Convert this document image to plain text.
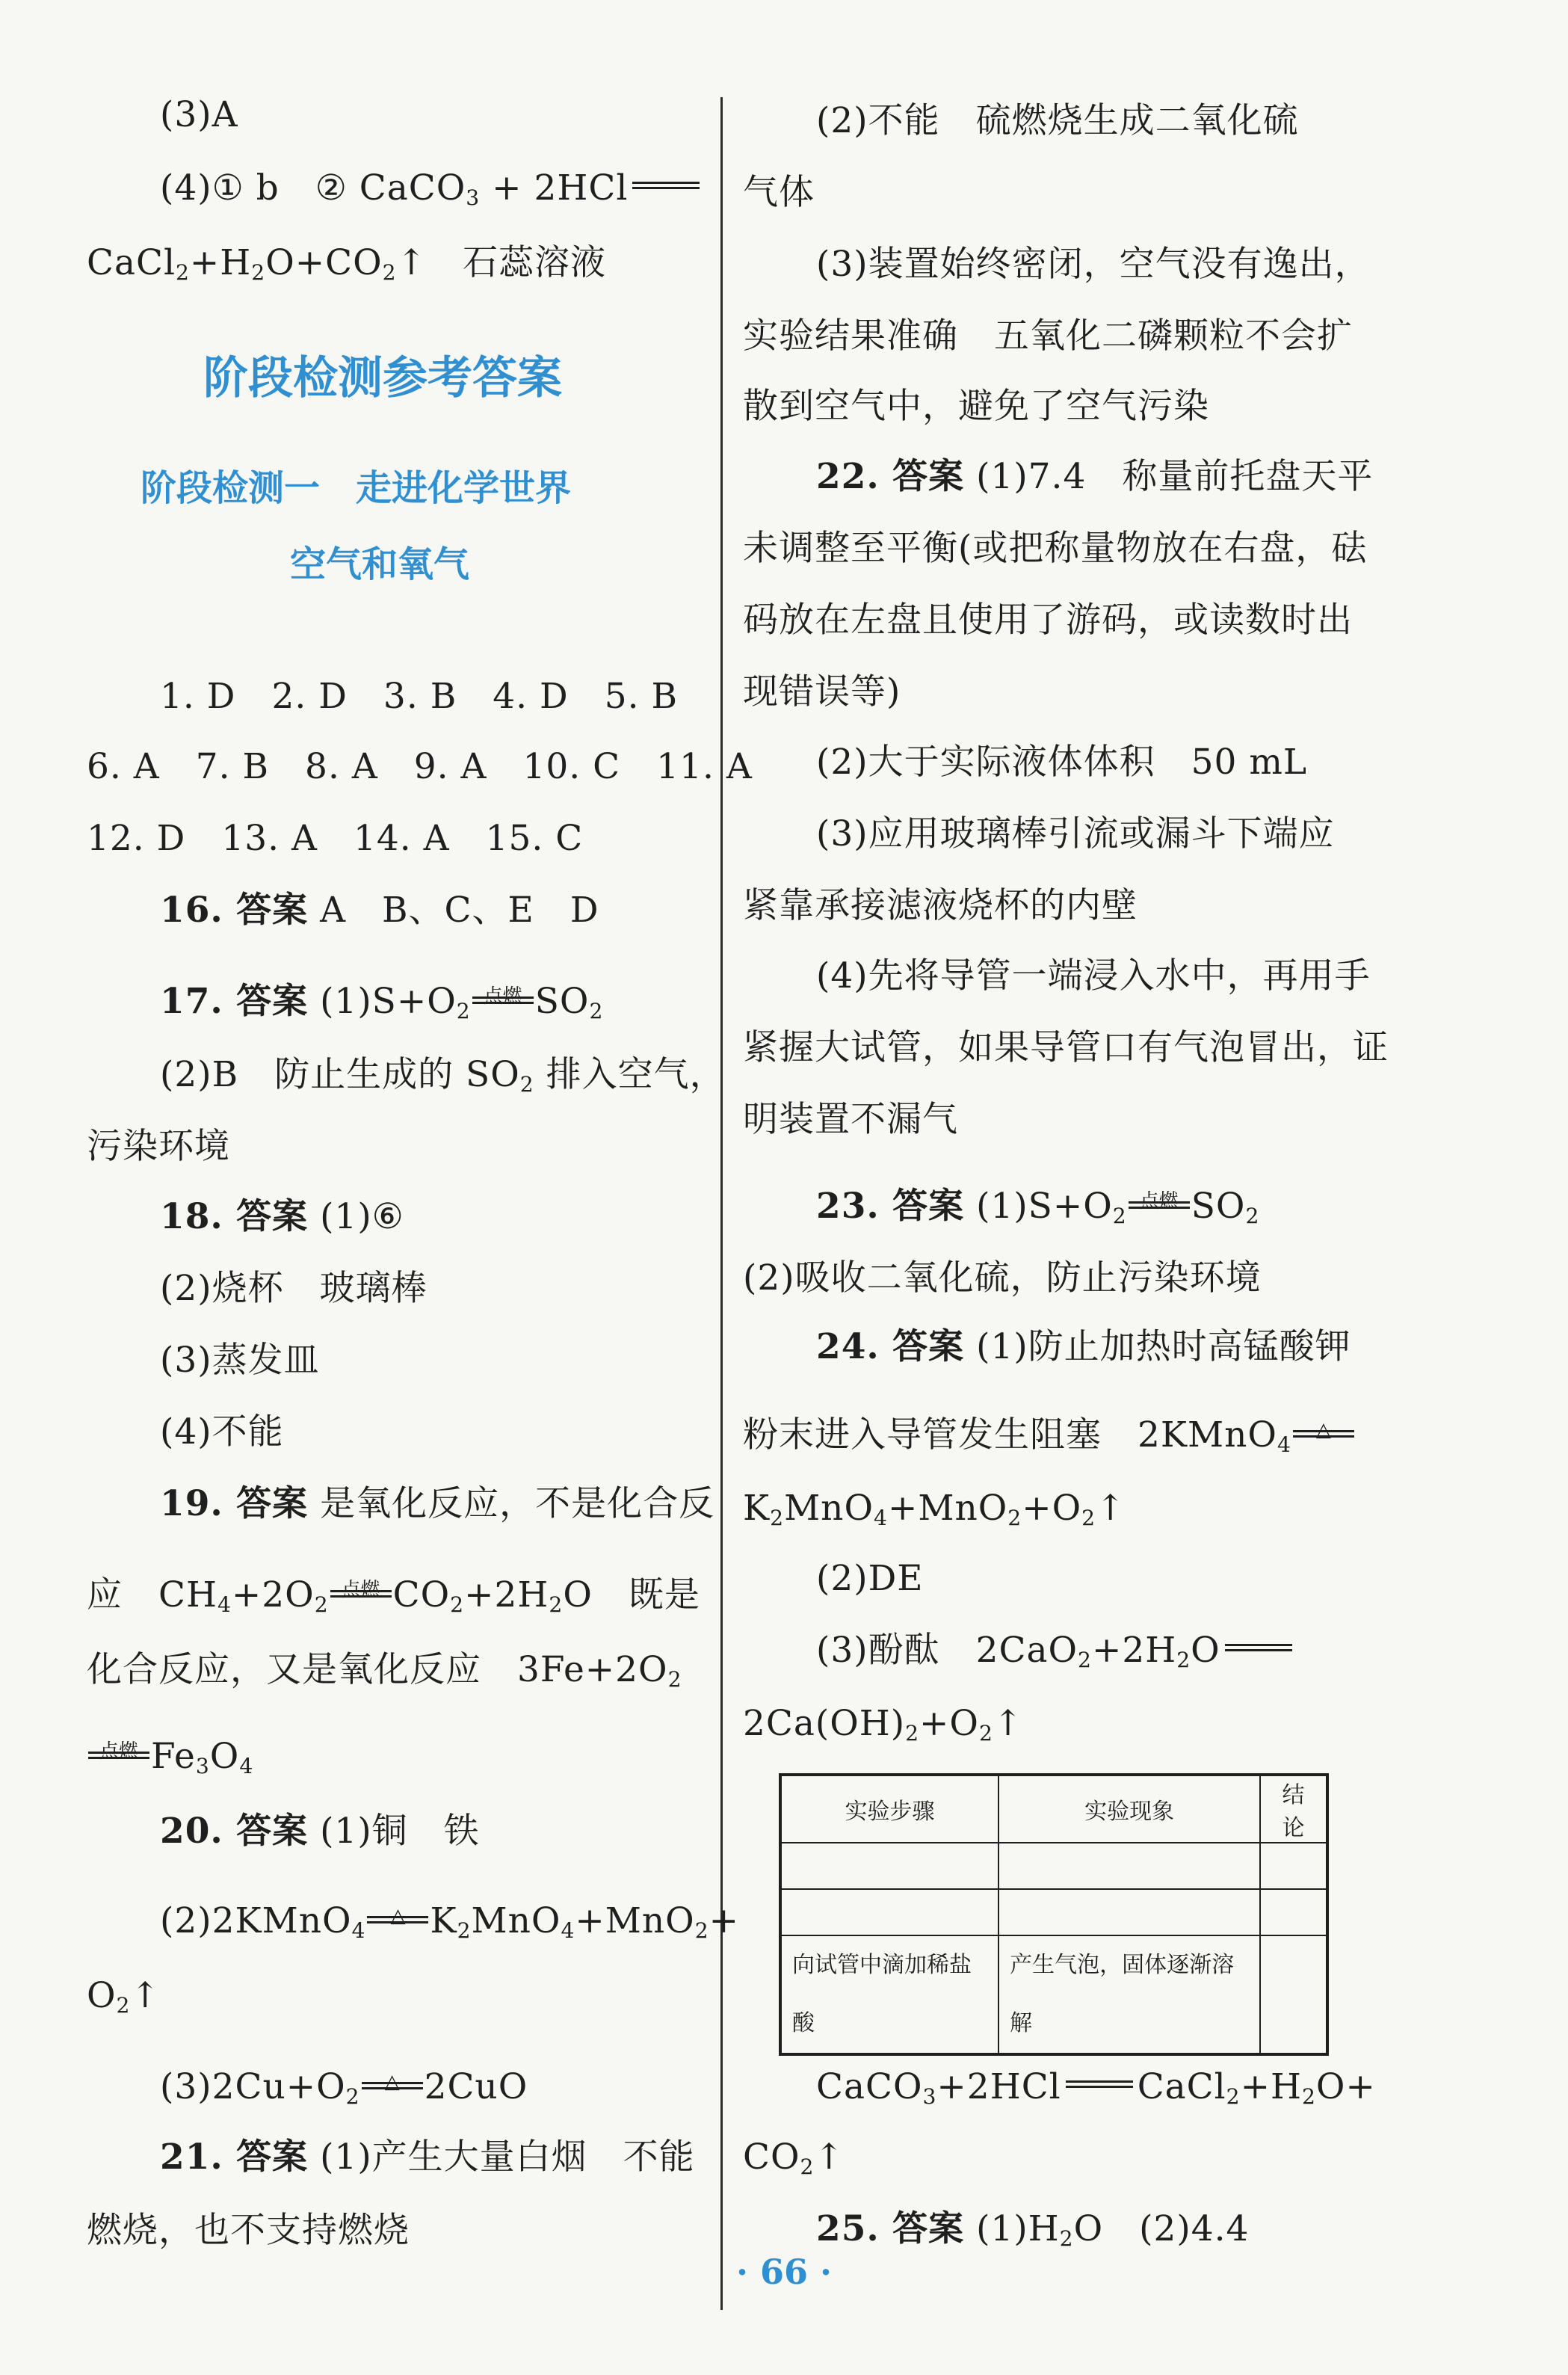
(3)A
(4)① b　② CaCO$_3$ + 2HCl
$CaCl_2+H_2O+CO_2↑$　石蕊溶液
阶段检测参考答案
阶段检测一　走进化学世界
空气和氧气
1. D　2. D　3. B　4. D　5. B
6. A　7. B　8. A　9. A　10. C　11. A
12. D　13. A　14. A　15. C
16. 答案 A　B、C、E　D
17. 答案 $(1)S+O_2$
点燃 $SO_2$
(2)B　防止生成的 $SO_2$ 排入空气，
污染环境
18. 答案 (1)⑥
(2)烧杯　玻璃棒
(3)蒸发皿
(4)不能
19. 答案 是氧化反应，不是化合反
应　$CH_4+2O_2$
点燃 $CO_2+2H_2O$　既是
化合反应，又是氧化反应　$3Fe+2O_2$
点燃 $Fe_3O_4$
20. 答案 (1)铜　铁
(2)2KMnO$_4$
△ $K_2MnO_4+MnO_2+$
$O_2↑$
$(3)2Cu+O_2$
△ 2CuO
21. 答案 (1)产生大量白烟　不能
燃烧，也不支持燃烧
(2)不能　硫燃烧生成二氧化硫
气体
(3)装置始终密闭，空气没有逸出，
实验结果准确　五氧化二磷颗粒不会扩
散到空气中，避免了空气污染
22. 答案 (1)7.4　称量前托盘天平
未调整至平衡(或把称量物放在右盘，砝
码放在左盘且使用了游码，或读数时出
现错误等)
(2)大于实际液体体积　50 mL
(3)应用玻璃棒引流或漏斗下端应
紧靠承接滤液烧杯的内壁
(4)先将导管一端浸入水中，再用手
紧握大试管，如果导管口有气泡冒出，证
明装置不漏气
23. 答案 $(1)S+O_2$
点燃 $SO_2$
(2)吸收二氧化硫，防止污染环境
24. 答案 (1)防止加热时高锰酸钾
粉末进入导管发生阻塞　2KMnO$_4$
△
$K_2MnO_4+MnO_2+O_2↑$
(2)DE
(3)酚酞　$2CaO_2+2H_2O$
$2Ca(OH)_2+O_2↑$
实验步骤	实验现象	结论

向试管中滴加稀盐酸	产生气泡，固体逐渐溶解	
CaCO$_3$+2HCl $CaCl_2+H_2O+$
$CO_2↑$
25. 答案 $(1)H_2O$　(2)4.4
· 66 ·
